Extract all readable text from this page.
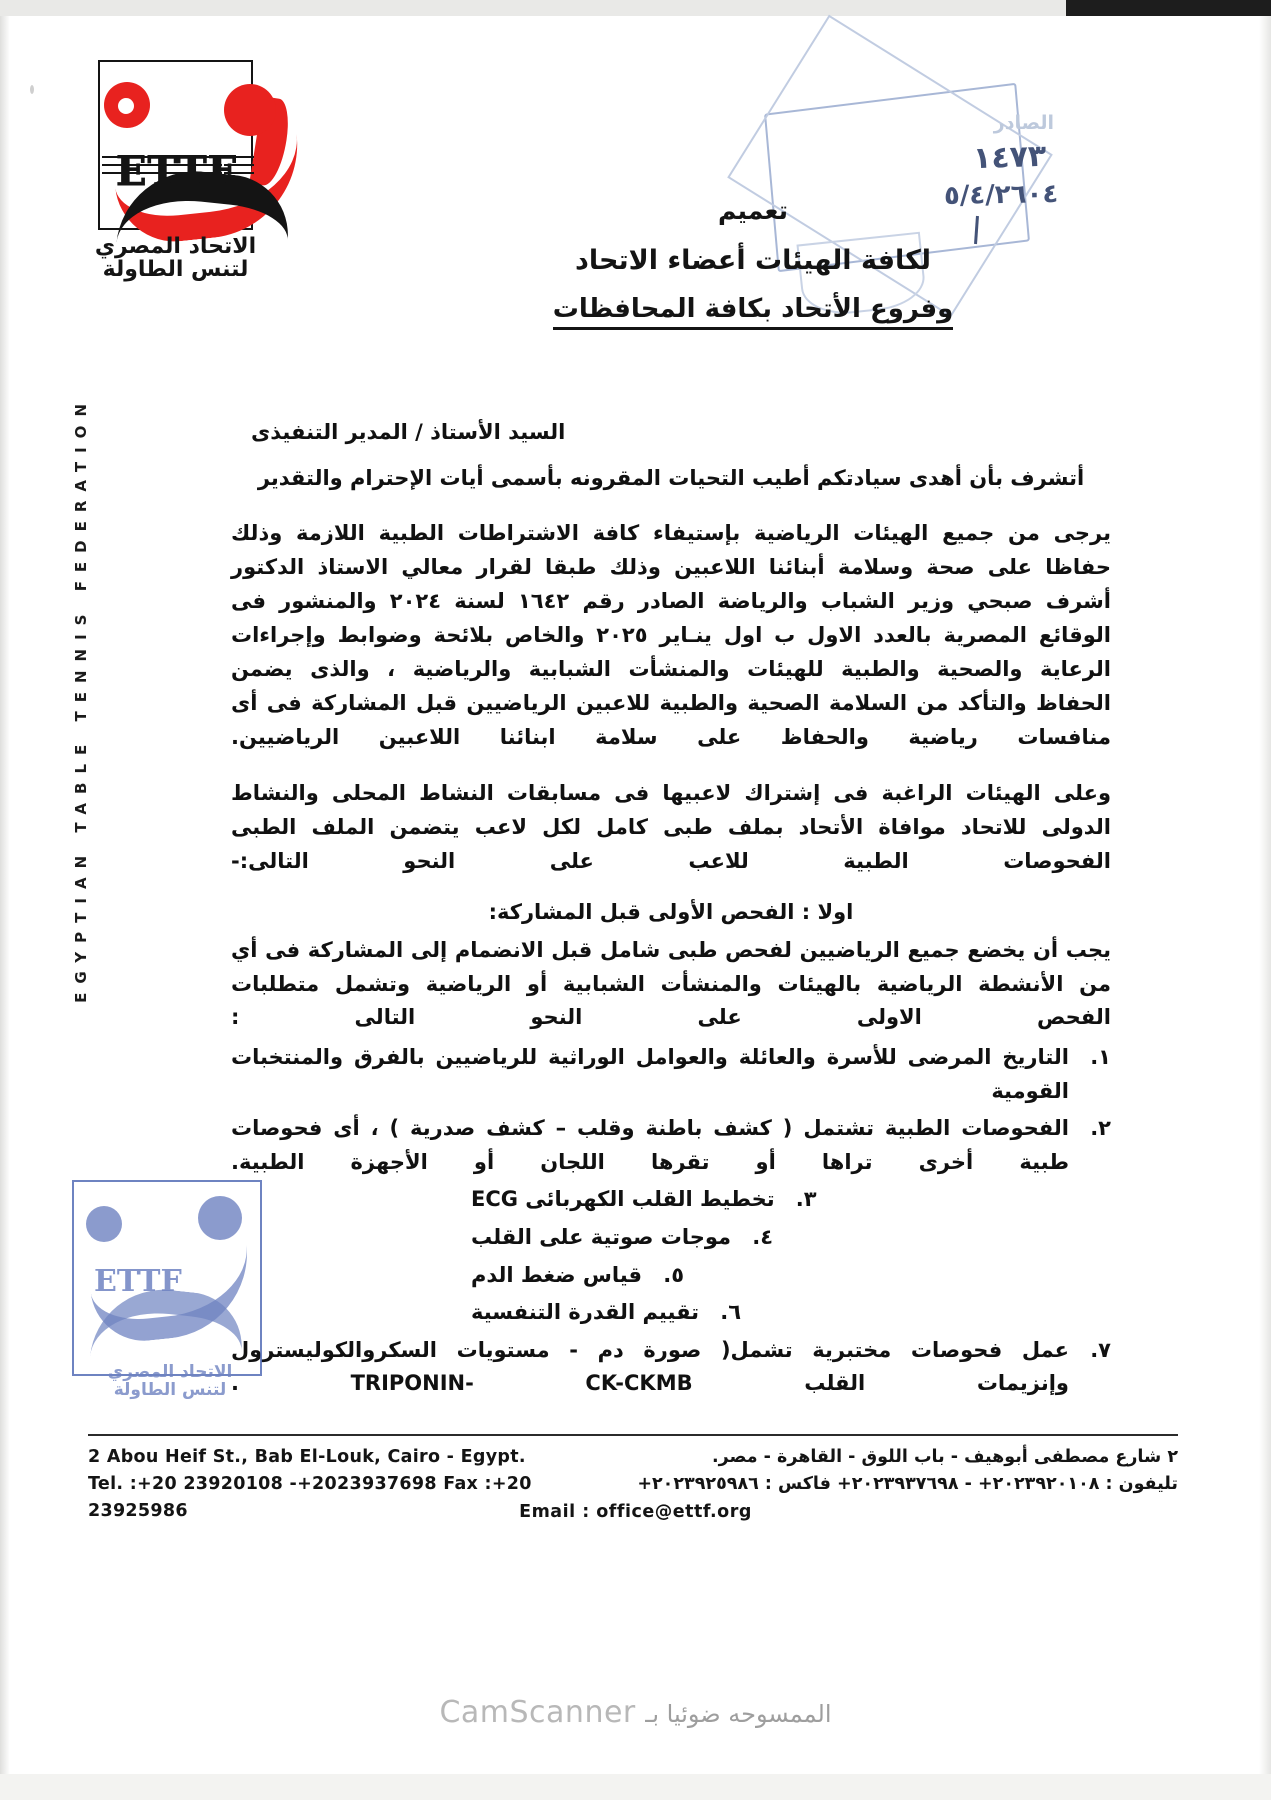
ETTF
الاتحاد المصري
لتنس الطاولة
الصادر
١٤٧٣
٥/٤/٢٦٠٤
تعميم
لكافة الهيئات أعضاء الاتحاد
وفروع الأتحاد بكافة المحافظات
EGYPTIAN TABLE TENNIS FEDERATION	السيد الأستاذ / المدير التنفيذى
أتشرف بأن أهدى سيادتكم أطيب التحيات المقرونه بأسمى أيات الإحترام والتقدير
يرجى من جميع الهيئات الرياضية بإستيفاء كافة الاشتراطات الطبية اللازمة وذلك حفاظا على صحة وسلامة أبنائنا اللاعبين وذلك طبقا لقرار معالي الاستاذ الدكتور أشرف صبحي وزير الشباب والرياضة الصادر رقم ١٦٤٢ لسنة ٢٠٢٤ والمنشور فى الوقائع المصرية بالعدد الاول ب اول ينـاير ٢٠٢٥ والخاص بلائحة وضوابط وإجراءات الرعاية والصحية والطبية للهيئات والمنشأت الشبابية والرياضية ، والذى يضمن الحفاظ والتأكد من السلامة الصحية والطبية للاعبين الرياضيين قبل المشاركة فى أى منافسات رياضية والحفاظ على سلامة ابنائنا اللاعبين الرياضيين.
وعلى الهيئات الراغبة فى إشتراك لاعبيها فى مسابقات النشاط المحلى والنشاط الدولى للاتحاد موافاة الأتحاد بملف طبى كامل لكل لاعب يتضمن الملف الطبى الفحوصات الطبية للاعب على النحو التالى:-
اولا : الفحص الأولى قبل المشاركة:
يجب أن يخضع جميع الرياضيين لفحص طبى شامل قبل الانضمام إلى المشاركة فى أي من الأنشطة الرياضية بالهيئات والمنشأت الشبابية أو الرياضية وتشمل متطلبات الفحص الاولى على النحو التالى :
١.
التاريخ المرضى للأسرة والعائلة والعوامل الوراثية للرياضيين بالفرق والمنتخبات القومية
٢.
الفحوصات الطبية تشتمل ( كشف باطنة وقلب – كشف صدرية ) ، أى فحوصات طبية أخرى تراها أو تقرها اللجان أو الأجهزة الطبية.
٣.
تخطيط القلب الكهربائى ECG
٤.
موجات صوتية على القلب
٥.
قياس ضغط الدم
٦.
تقييم القدرة التنفسية
٧.
عمل فحوصات مختبرية تشمل( صورة دم - مستويات السكروالكوليسترول وإنزيمات القلب TRIPONIN- CK-CKMB .
ETTF
الاتحاد المصري
لتنس الطاولة
2 Abou Heif St., Bab El-Louk, Cairo - Egypt.
Tel. :+20 23920108 -+2023937698 Fax :+20 23925986
٢ شارع مصطفى أبوهيف - باب اللوق - القاهرة - مصر.
تليفون : ٢٠٢٣٩٢٠١٠٨+ - ٢٠٢٣٩٣٧٦٩٨+ فاكس : ٢٠٢٣٩٢٥٩٨٦+
Email : office@ettf.org
الممسوحه ضوئيا بـ CamScanner
